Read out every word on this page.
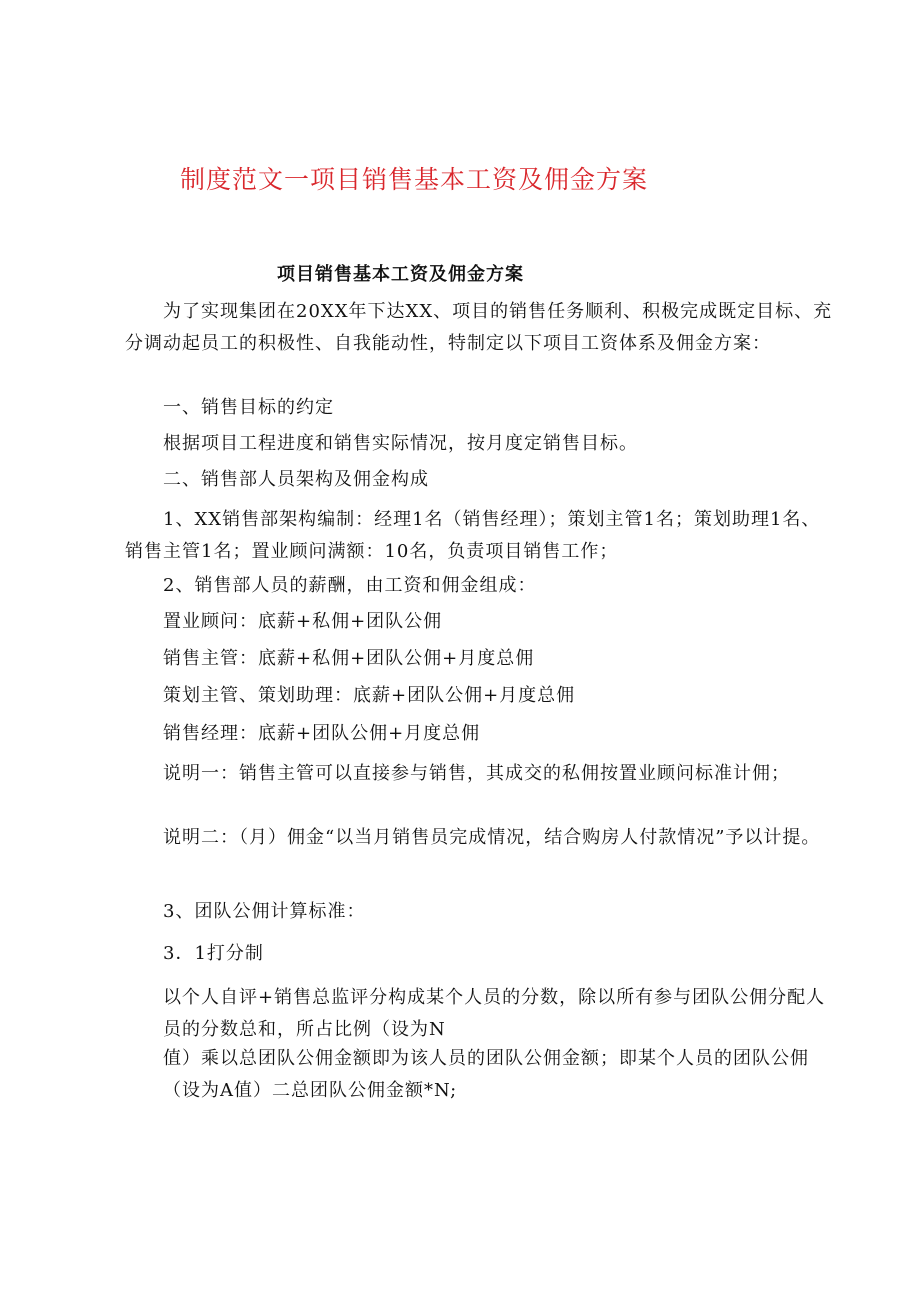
制度范文一项目销售基本工资及佣金方案
项目销售基本工资及佣金方案
为了实现集团在20XX年下达XX、项目的销售任务顺利、积极完成既定目标、充分调动起员工的积极性、自我能动性，特制定以下项目工资体系及佣金方案：
一、销售目标的约定
根据项目工程进度和销售实际情况，按月度定销售目标。
二、销售部人员架构及佣金构成
1、XX销售部架构编制：经理1名（销售经理）；策划主管1名；策划助理1名、销售主管1名；置业顾问满额：10名，负责项目销售工作；
2、销售部人员的薪酬，由工资和佣金组成：
置业顾问：底薪+私佣+团队公佣
销售主管：底薪+私佣+团队公佣+月度总佣
策划主管、策划助理：底薪+团队公佣+月度总佣
销售经理：底薪+团队公佣+月度总佣
说明一：销售主管可以直接参与销售，其成交的私佣按置业顾问标准计佣；
说明二：（月）佣金“以当月销售员完成情况，结合购房人付款情况”予以计提。
3、团队公佣计算标准：
3．1打分制
以个人自评+销售总监评分构成某个人员的分数，除以所有参与团队公佣分配人员的分数总和，所占比例（设为N
值）乘以总团队公佣金额即为该人员的团队公佣金额；即某个人员的团队公佣（设为A值）二总团队公佣金额*N;
